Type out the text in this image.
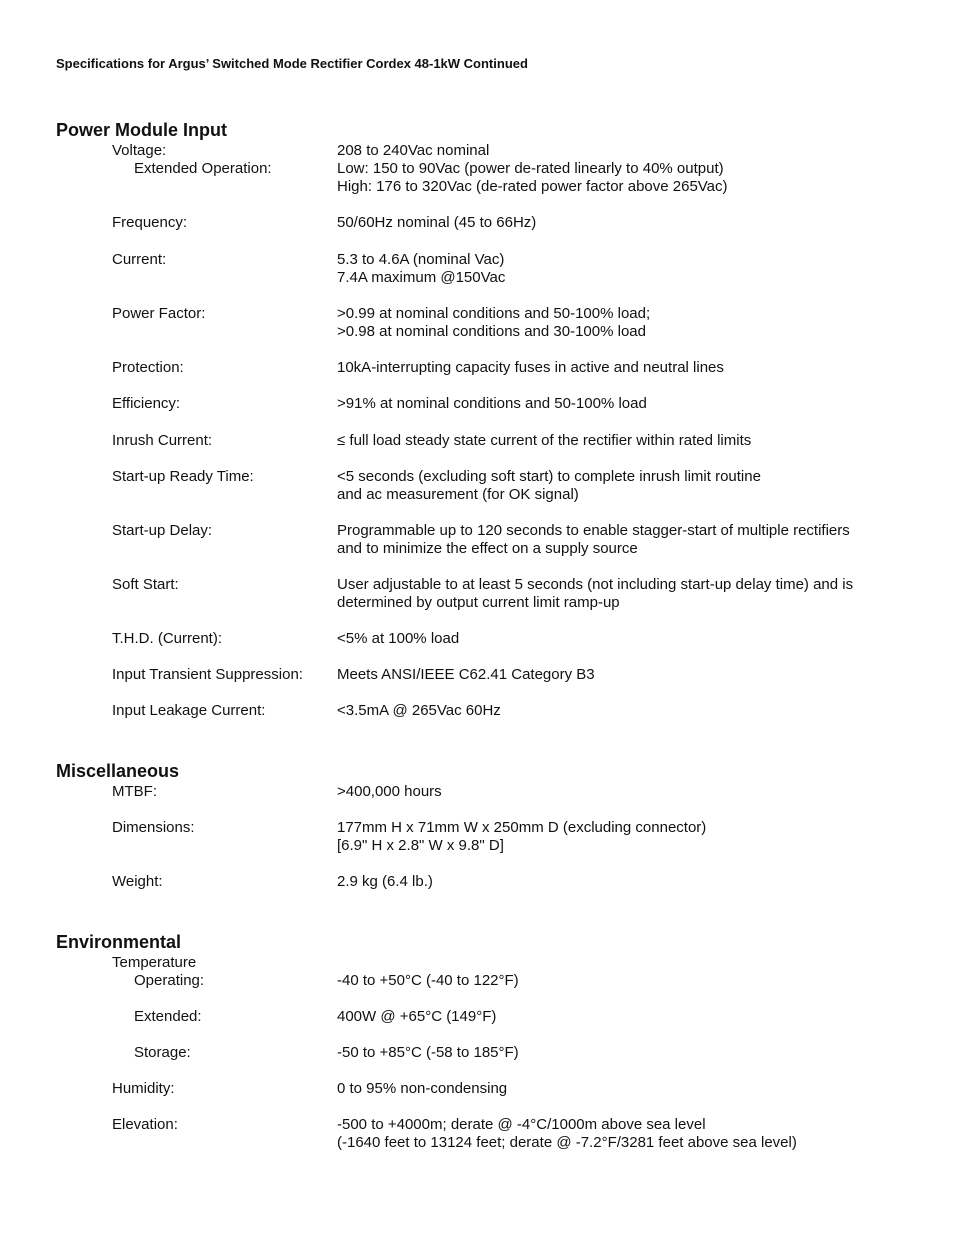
Specifications for Argus’ Switched Mode Rectifier Cordex 48-1kW Continued
Power Module Input
Voltage:	208 to 240Vac nominal
Extended Operation:	Low: 150 to 90Vac (power de-rated linearly to 40% output)
High: 176 to 320Vac (de-rated power factor above 265Vac)
Frequency:	50/60Hz nominal (45 to 66Hz)
Current:	5.3 to 4.6A (nominal Vac)
7.4A maximum @150Vac
Power Factor:	>0.99 at nominal conditions and 50-100% load;
>0.98 at nominal conditions and 30-100% load
Protection:	10kA-interrupting capacity fuses in active and neutral lines
Efficiency:	>91% at nominal conditions and 50-100% load
Inrush Current:	≤ full load steady state current of the rectifier within rated limits
Start-up Ready Time:	<5 seconds (excluding soft start) to complete inrush limit routine
and ac measurement (for OK signal)
Start-up Delay:	Programmable up to 120 seconds to enable stagger-start of multiple rectifiers
and to minimize the effect on a supply source
Soft Start:	User adjustable to at least 5 seconds (not including start-up delay time) and is
determined by output current limit ramp-up
T.H.D. (Current):	<5% at 100% load
Input Transient Suppression: Meets ANSI/IEEE C62.41 Category B3
Input Leakage Current:	<3.5mA @ 265Vac 60Hz
Miscellaneous
MTBF:	>400,000 hours
Dimensions:	177mm H x 71mm W x 250mm D (excluding connector)
[6.9" H x 2.8" W x 9.8" D]
Weight:	2.9 kg (6.4 lb.)
Environmental
Temperature
Operating:	-40 to +50°C (-40 to 122°F)
Extended:	400W @ +65°C (149°F)
Storage:	-50 to +85°C (-58 to 185°F)
Humidity:	0 to 95% non-condensing
Elevation:	-500 to +4000m; derate @ -4°C/1000m above sea level
(-1640 feet to 13124 feet; derate @ -7.2°F/3281 feet above sea level)
